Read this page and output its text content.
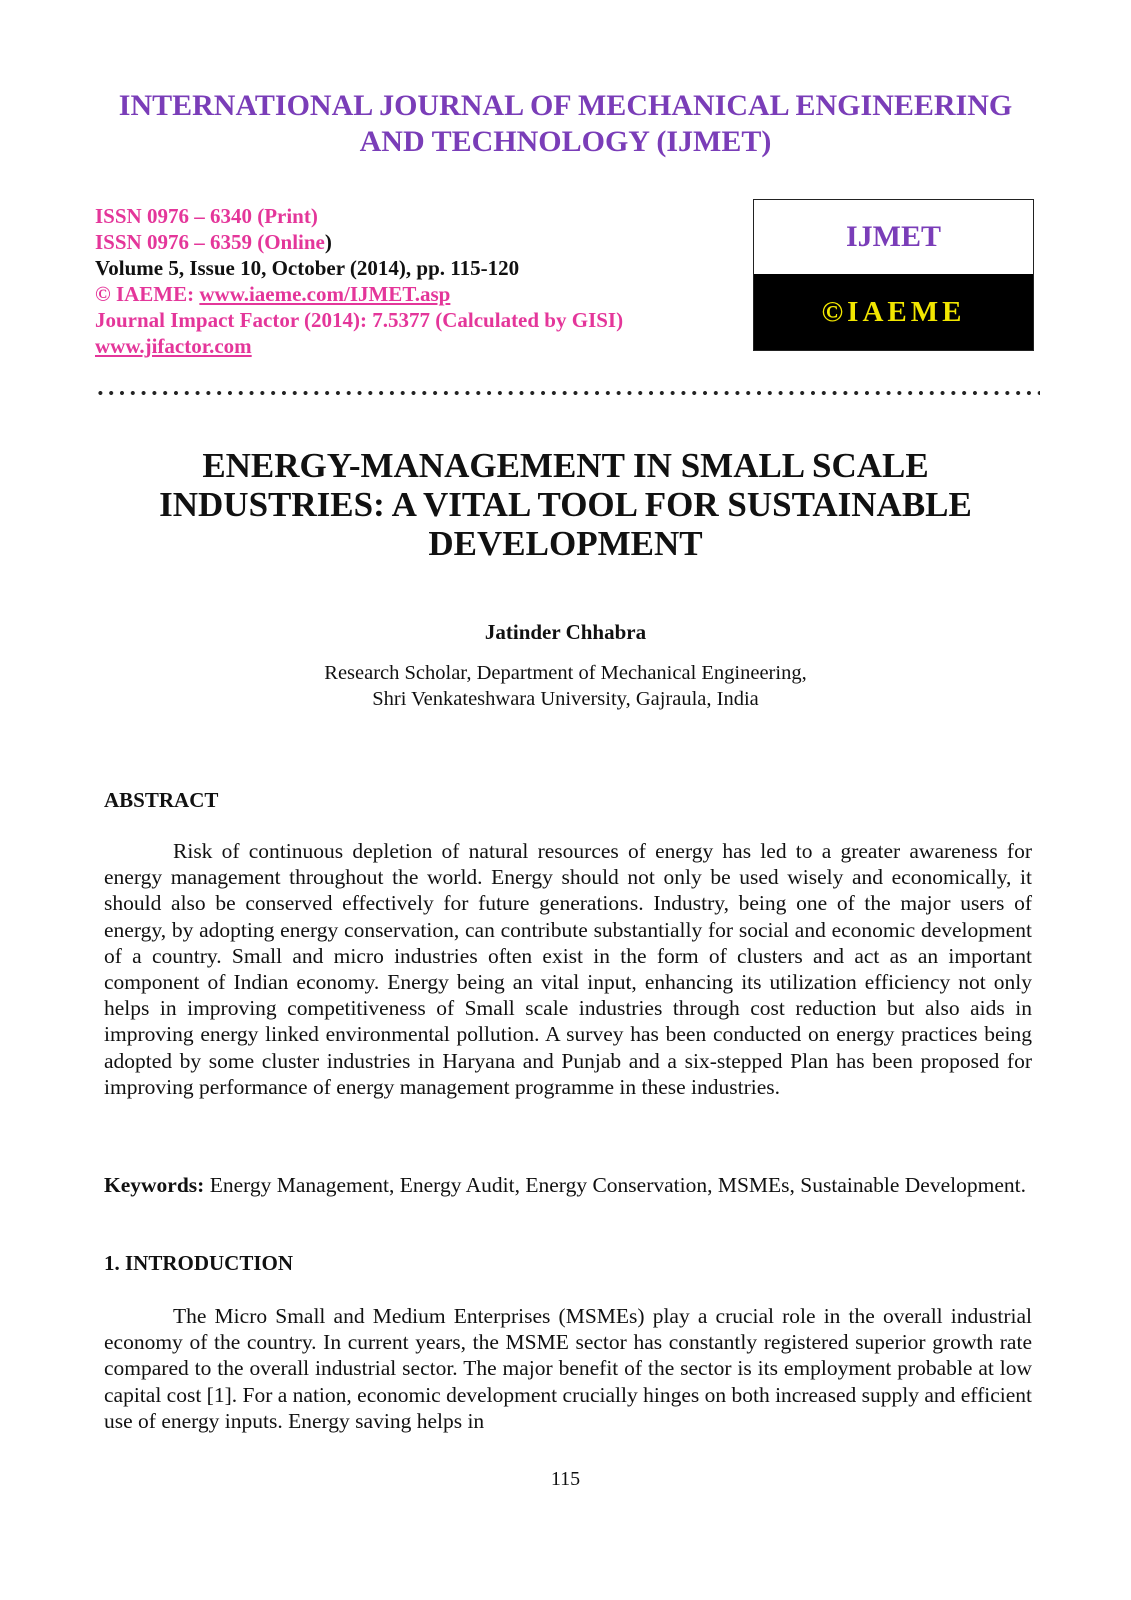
INTERNATIONAL JOURNAL OF MECHANICAL ENGINEERING
AND TECHNOLOGY (IJMET)
ISSN 0976 – 6340 (Print)
ISSN 0976 – 6359 (Online)
Volume 5, Issue 10, October (2014), pp. 115-120
© IAEME: www.iaeme.com/IJMET.asp
Journal Impact Factor (2014): 7.5377 (Calculated by GISI)
www.jifactor.com
IJMET
©IAEME
ENERGY-MANAGEMENT IN SMALL SCALE
INDUSTRIES: A VITAL TOOL FOR SUSTAINABLE
DEVELOPMENT
Jatinder Chhabra
Research Scholar, Department of Mechanical Engineering,
Shri Venkateshwara University, Gajraula, India
ABSTRACT
Risk of continuous depletion of natural resources of energy has led to a greater awareness for energy management throughout the world. Energy should not only be used wisely and economically, it should also be conserved effectively for future generations. Industry, being one of the major users of energy, by adopting energy conservation, can contribute substantially for social and economic development of a country. Small and micro industries often exist in the form of clusters and act as an important component of Indian economy. Energy being an vital input, enhancing its utilization efficiency not only helps in improving competitiveness of Small scale industries through cost reduction but also aids in improving energy linked environmental pollution. A survey has been conducted on energy practices being adopted by some cluster industries in Haryana and Punjab and a six-stepped Plan has been proposed for improving performance of energy management programme in these industries.
Keywords: Energy Management, Energy Audit, Energy Conservation, MSMEs, Sustainable Development.
1. INTRODUCTION
The Micro Small and Medium Enterprises (MSMEs) play a crucial role in the overall industrial economy of the country. In current years, the MSME sector has constantly registered superior growth rate compared to the overall industrial sector. The major benefit of the sector is its employment probable at low capital cost [1]. For a nation, economic development crucially hinges on both increased supply and efficient use of energy inputs. Energy saving helps in
115
